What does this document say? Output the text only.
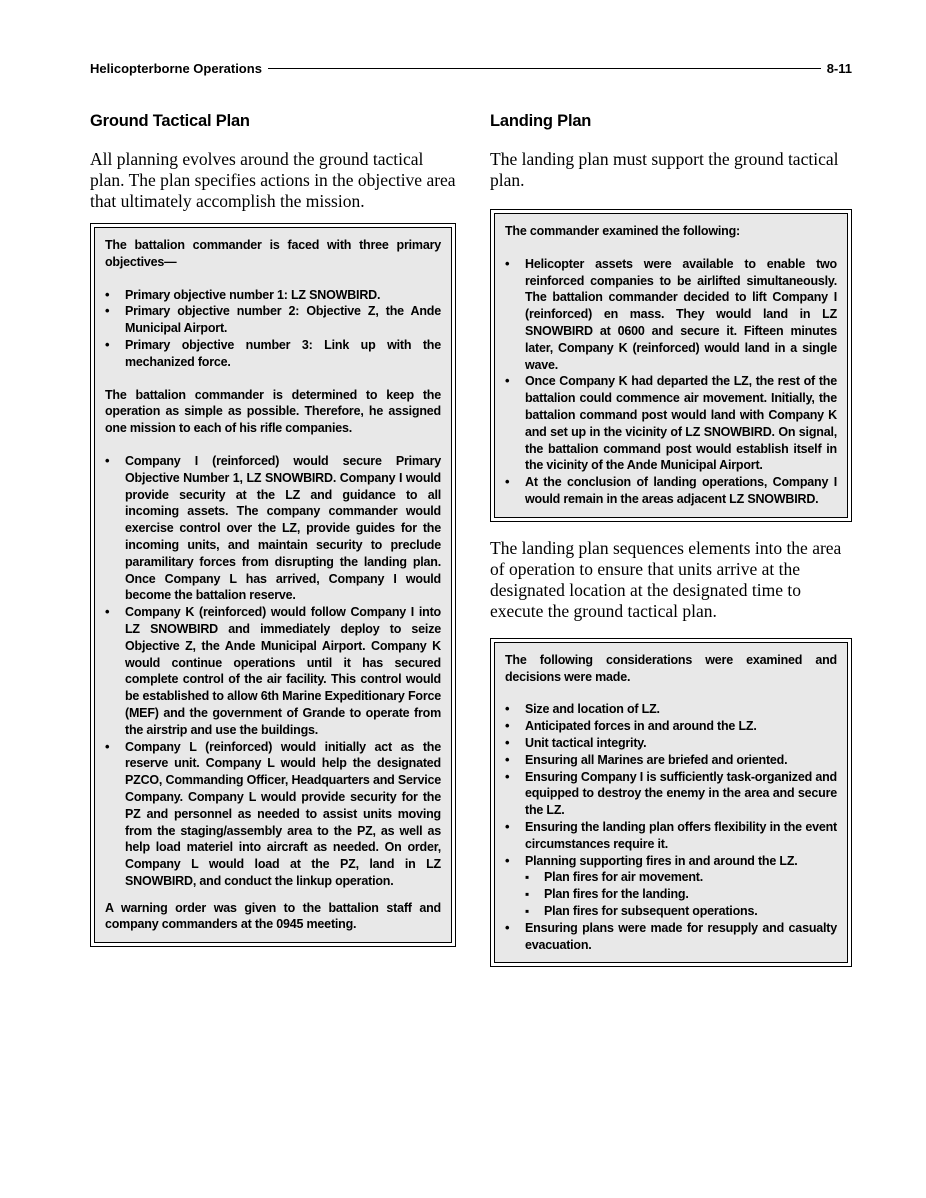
Helicopterborne Operations	8-11
Ground Tactical Plan

All planning evolves around the ground tactical plan. The plan specifies actions in the objective area that ultimately accomplish the mission.

The battalion commander is faced with three primary objectives—

• Primary objective number 1: LZ SNOWBIRD.
• Primary objective number 2: Objective Z, the Ande Municipal Airport.
• Primary objective number 3: Link up with the mechanized force.

The battalion commander is determined to keep the operation as simple as possible. Therefore, he assigned one mission to each of his rifle companies.

• Company I (reinforced) would secure Primary Objective Number 1, LZ SNOWBIRD. Company I would provide security at the LZ and guidance to all incoming assets. The company commander would exercise control over the LZ, provide guides for the incoming units, and maintain security to preclude paramilitary forces from disrupting the landing plan. Once Company L has arrived, Company I would become the battalion reserve.
• Company K (reinforced) would follow Company I into LZ SNOWBIRD and immediately deploy to seize Objective Z, the Ande Municipal Airport. Company K would continue operations until it has secured complete control of the air facility. This control would be established to allow 6th Marine Expeditionary Force (MEF) and the government of Grande to operate from the airstrip and use the buildings.
• Company L (reinforced) would initially act as the reserve unit. Company L would help the designated PZCO, Commanding Officer, Headquarters and Service Company. Company L would provide security for the PZ and personnel as needed to assist units moving from the staging/assembly area to the PZ, as well as help load materiel into aircraft as needed. On order, Company L would load at the PZ, land in LZ SNOWBIRD, and conduct the linkup operation.

A warning order was given to the battalion staff and company commanders at the 0945 meeting.

Landing Plan

The landing plan must support the ground tactical plan.

The commander examined the following:

• Helicopter assets were available to enable two reinforced companies to be airlifted simultaneously. The battalion commander decided to lift Company I (reinforced) en mass. They would land in LZ SNOWBIRD at 0600 and secure it. Fifteen minutes later, Company K (reinforced) would land in a single wave.
• Once Company K had departed the LZ, the rest of the battalion could commence air movement. Initially, the battalion command post would land with Company K and set up in the vicinity of LZ SNOWBIRD. On signal, the battalion command post would establish itself in the vicinity of the Ande Municipal Airport.
• At the conclusion of landing operations, Company I would remain in the areas adjacent LZ SNOWBIRD.

The landing plan sequences elements into the area of operation to ensure that units arrive at the designated location at the designated time to execute the ground tactical plan.

The following considerations were examined and decisions were made.

• Size and location of LZ.
• Anticipated forces in and around the LZ.
• Unit tactical integrity.
• Ensuring all Marines are briefed and oriented.
• Ensuring Company I is sufficiently task-organized and equipped to destroy the enemy in the area and secure the LZ.
• Ensuring the landing plan offers flexibility in the event circumstances require it.
• Planning supporting fires in and around the LZ.
▪ Plan fires for air movement.
▪ Plan fires for the landing.
▪ Plan fires for subsequent operations.
• Ensuring plans were made for resupply and casualty evacuation.
